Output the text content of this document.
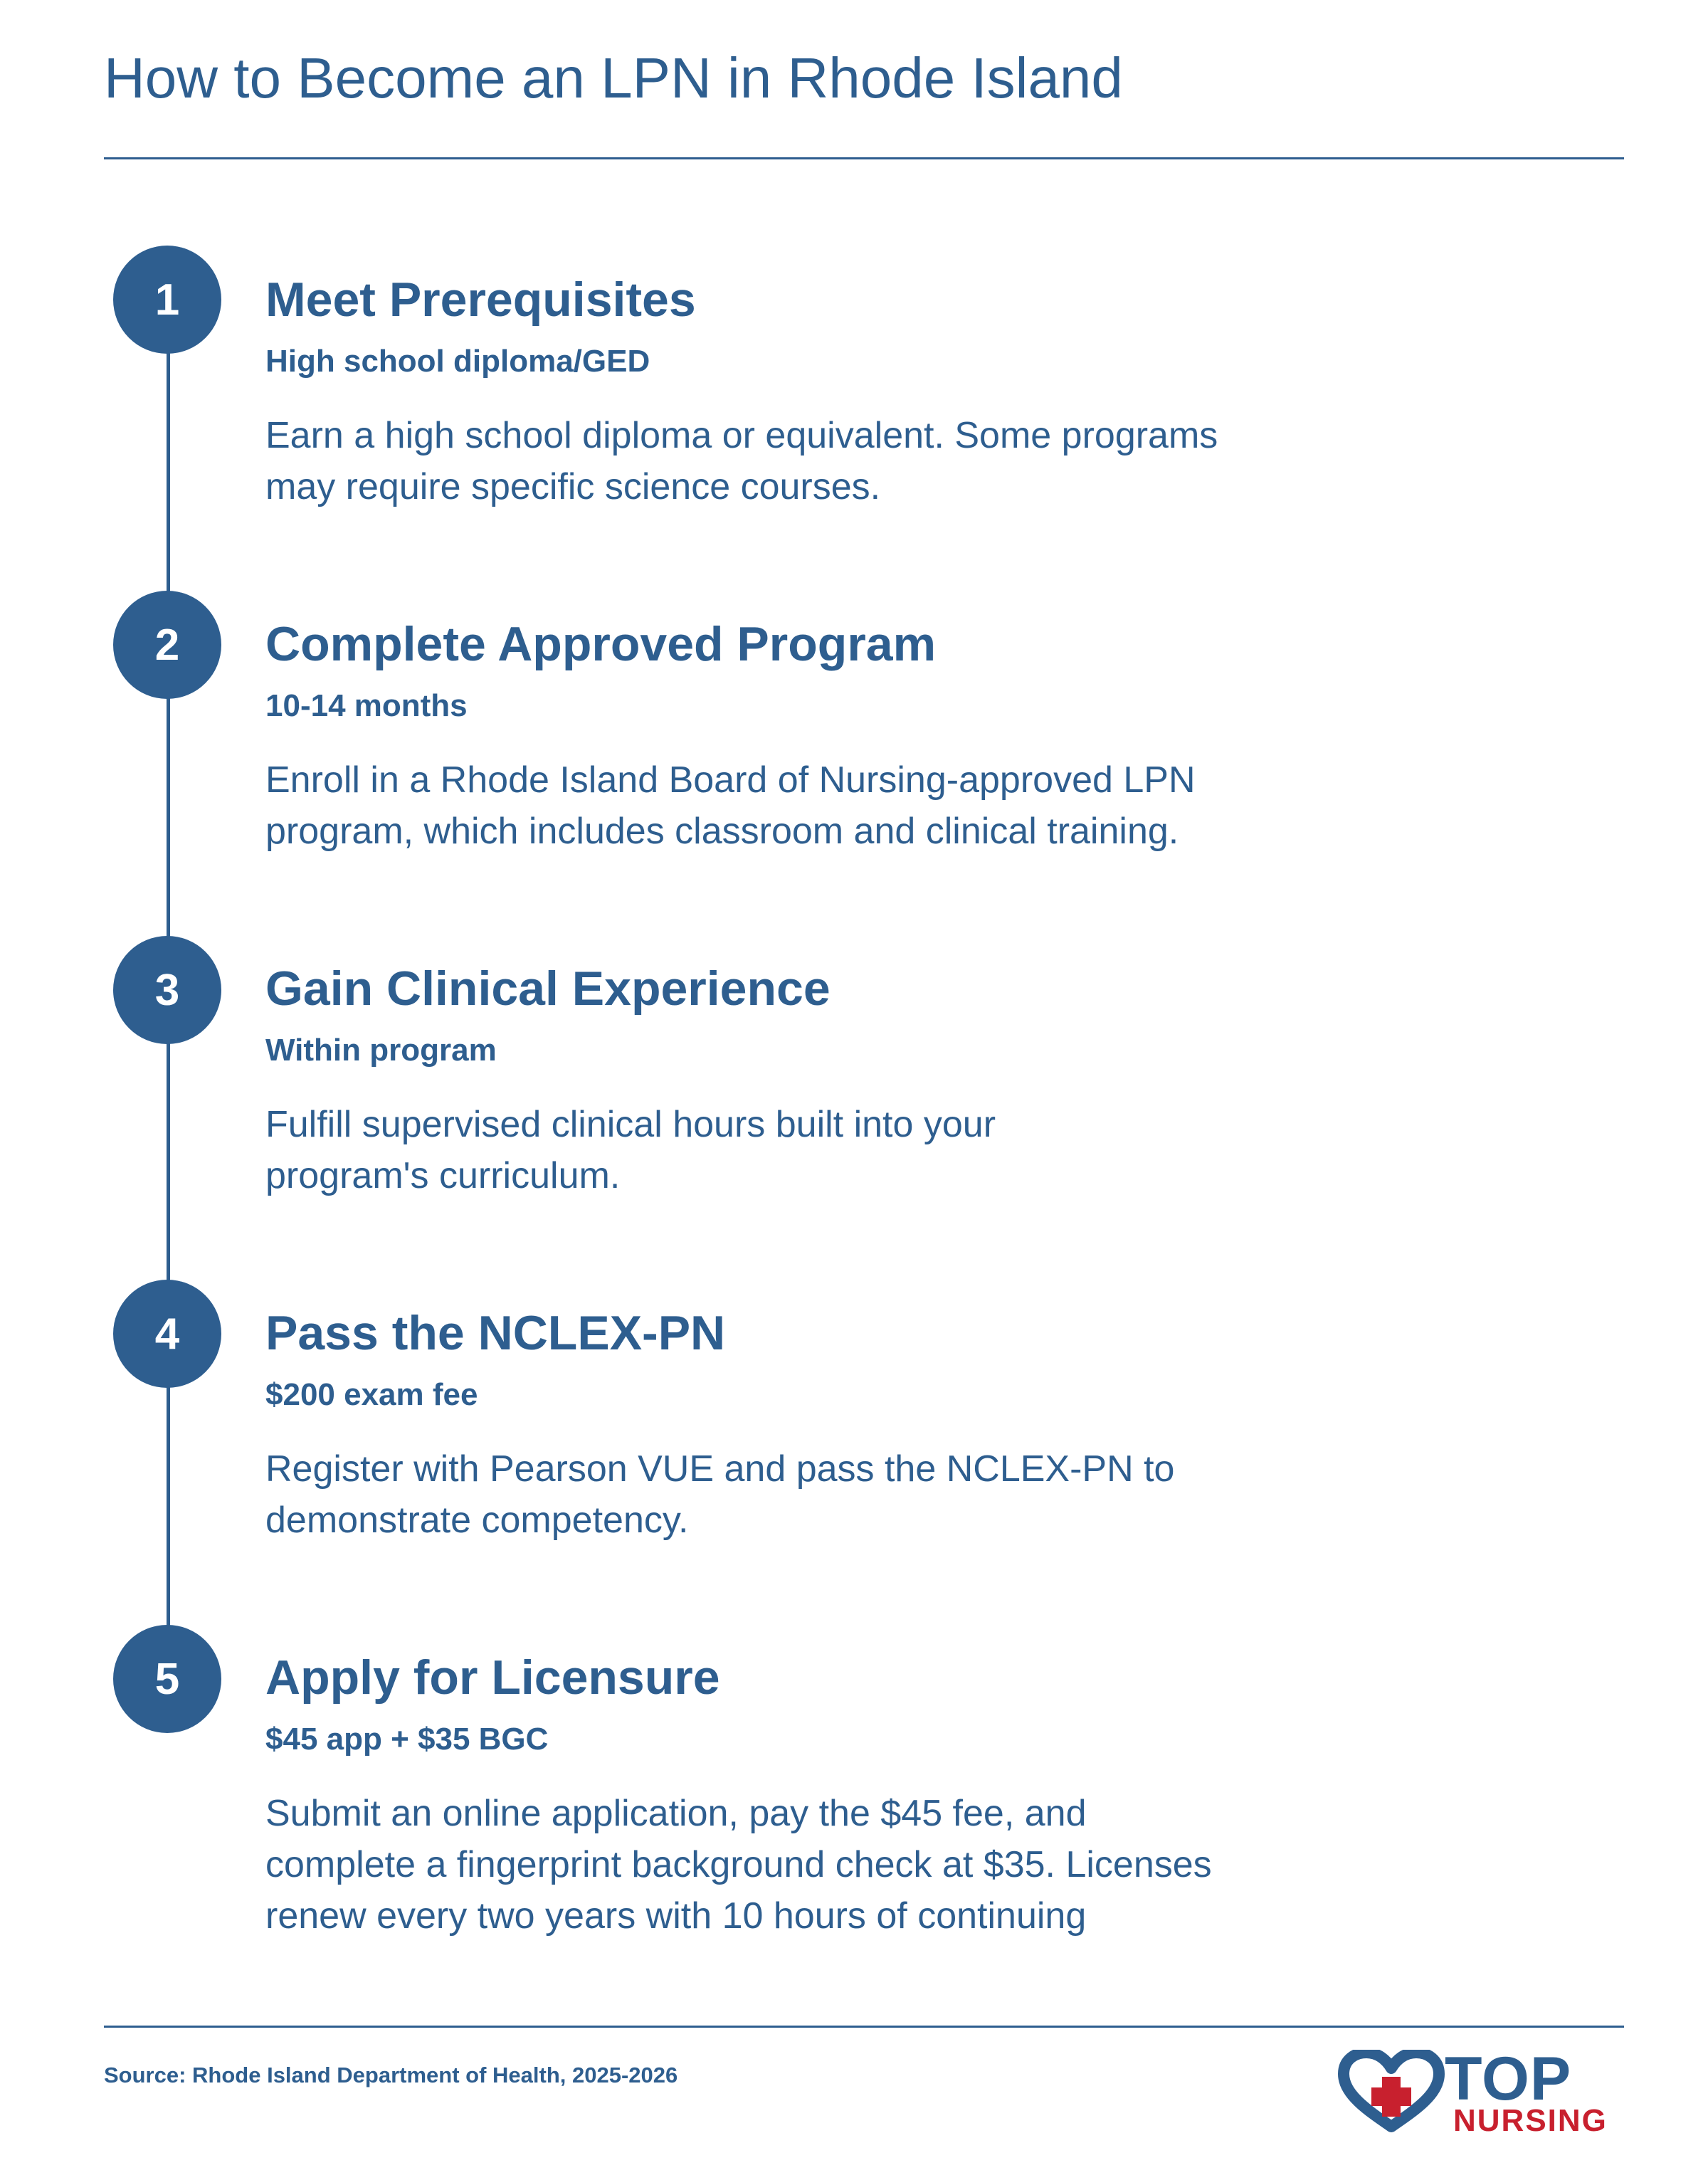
How to Become an LPN in Rhode Island
1	Meet Prerequisites
High school diploma/GED
Earn a high school diploma or equivalent. Some programs
may require specific science courses.
2	Complete Approved Program
10-14 months
Enroll in a Rhode Island Board of Nursing-approved LPN
program, which includes classroom and clinical training.
3	Gain Clinical Experience
Within program
Fulfill supervised clinical hours built into your
program's curriculum.
4	Pass the NCLEX-PN
$200 exam fee
Register with Pearson VUE and pass the NCLEX-PN to
demonstrate competency.
5	Apply for Licensure
$45 app + $35 BGC
Submit an online application, pay the $45 fee, and
complete a fingerprint background check at $35. Licenses
renew every two years with 10 hours of continuing
Source: Rhode Island Department of Health, 2025-2026	TOP
NURSING
